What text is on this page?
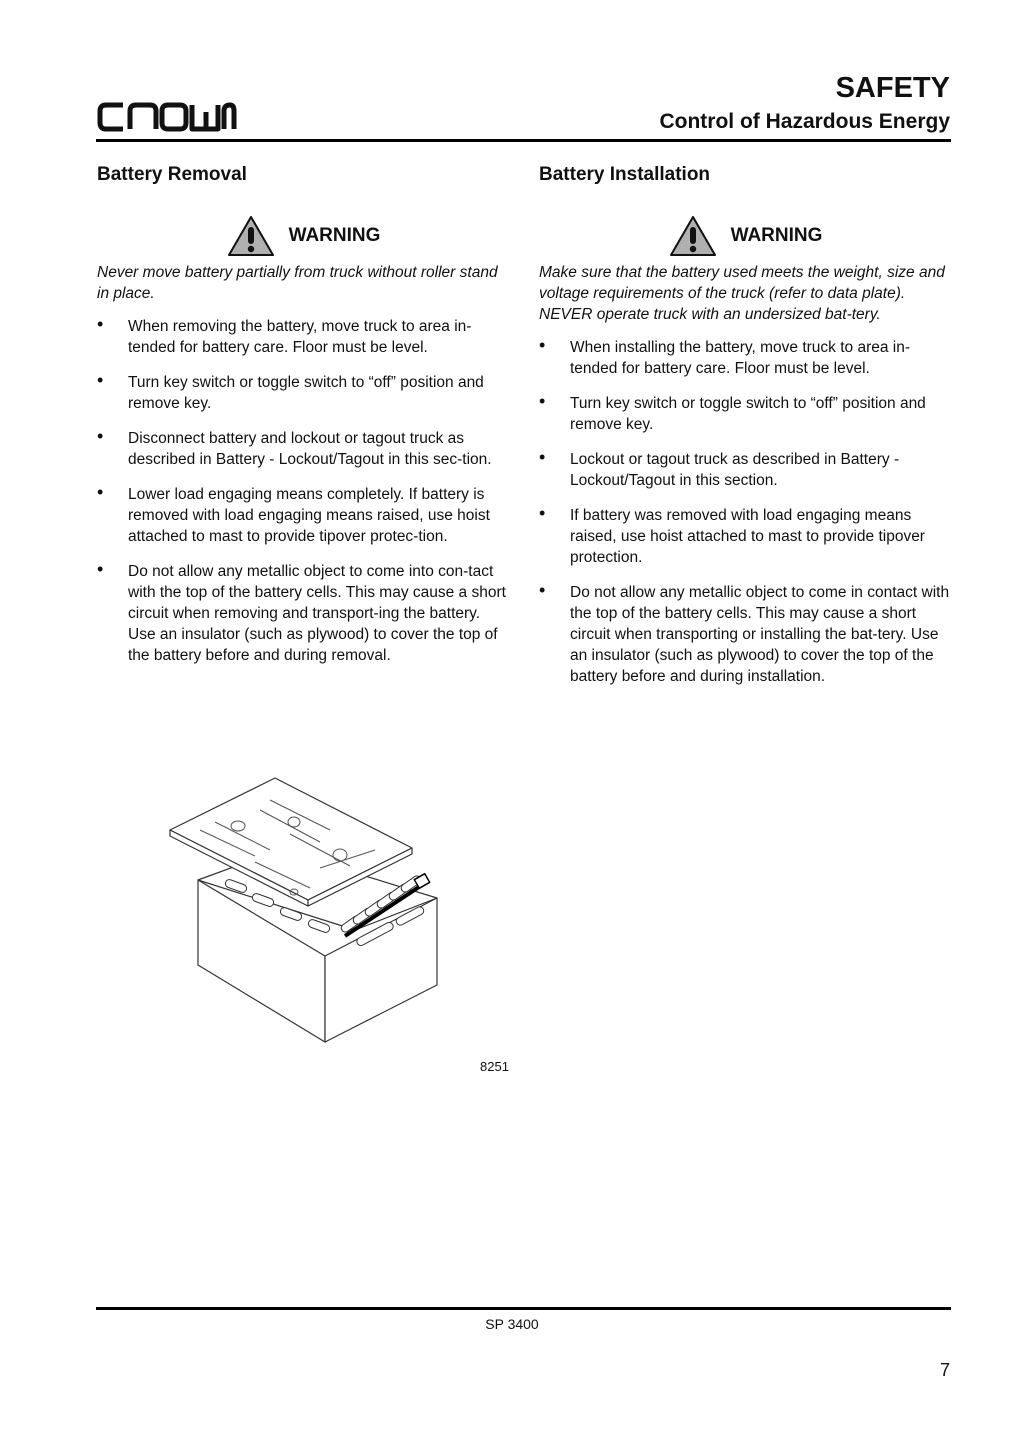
SAFETY
Control of Hazardous Energy
Battery Removal
WARNING

Never move battery partially from truck without roller stand in place.

• When removing the battery, move truck to area in-tended for battery care. Floor must be level.
• Turn key switch or toggle switch to “off” position and remove key.
• Disconnect battery and lockout or tagout truck as described in Battery - Lockout/Tagout in this sec-tion.
• Lower load engaging means completely. If battery is removed with load engaging means raised, use hoist attached to mast to provide tipover protec-tion.
• Do not allow any metallic object to come into con-tact with the top of the battery cells. This may cause a short circuit when removing and transport-ing the battery. Use an insulator (such as plywood) to cover the top of the battery before and during removal.
Battery Installation
WARNING

Make sure that the battery used meets the weight, size and voltage requirements of the truck (refer to data plate). NEVER operate truck with an undersized bat-tery.

• When installing the battery, move truck to area in-tended for battery care. Floor must be level.
• Turn key switch or toggle switch to “off” position and remove key.
• Lockout or tagout truck as described in Battery - Lockout/Tagout in this section.
• If battery was removed with load engaging means raised, use hoist attached to mast to provide tipover protection.
• Do not allow any metallic object to come in contact with the top of the battery cells. This may cause a short circuit when transporting or installing the bat-tery. Use an insulator (such as plywood) to cover the top of the battery before and during installation.
8251
SP 3400
7
